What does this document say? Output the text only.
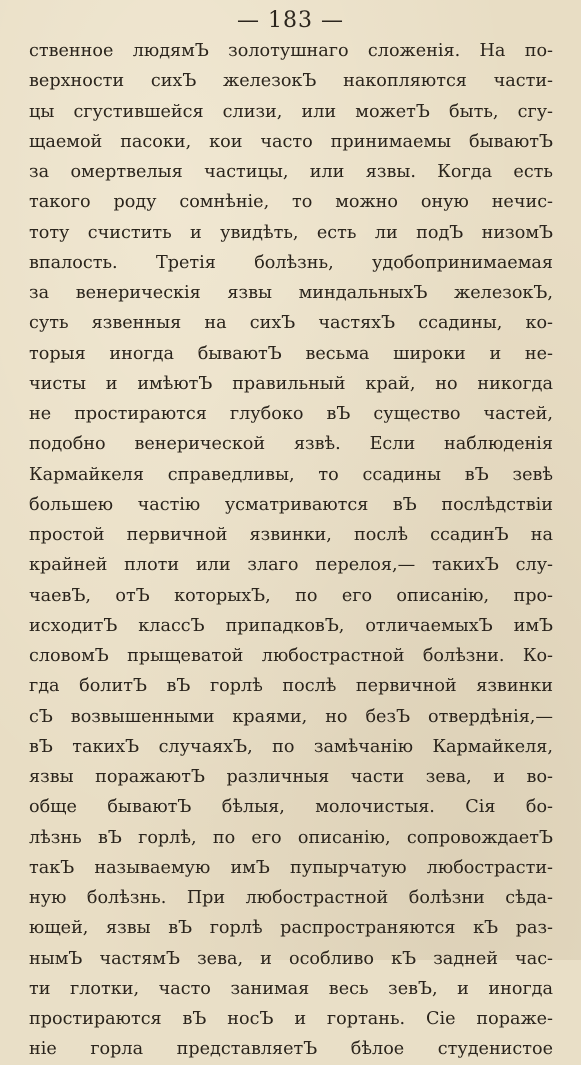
— 183 —
ственное людямЪ золотушнаго сложенія. На по-
верхности сихЪ железокЪ накопляются части-
цы сгустившейся слизи, или можетЪ быть, сгу-
щаемой пасоки, кои часто принимаемы бываютЪ
за омертвелыя частицы, или язвы. Когда есть
такого роду сомнѣніе, то можно оную нечис-
тоту счистить и увидѣть, есть ли подЪ низомЪ
впалость. Третія болѣзнь, удобопринимаемая
за венерическія язвы миндальныхЪ железокЪ,
суть язвенныя на сихЪ частяхЪ ссадины, ко-
торыя иногда бываютЪ весьма широки и не-
чисты и имѣютЪ правильный край, но никогда
не простираются глубоко вЪ существо частей,
подобно венерической язвѣ. Если наблюденія
Кармайкеля справедливы, то ссадины вЪ зевѣ
большею частію усматриваются вЪ послѣдствіи
простой первичной язвинки, послѣ ссадинЪ на
крайней плоти или злаго перелоя,— такихЪ слу-
чаевЪ, отЪ которыхЪ, по его описанію, про-
исходитЪ классЪ припадковЪ, отличаемыхЪ имЪ
словомЪ прыщеватой любострастной болѣзни. Ко-
гда болитЪ вЪ горлѣ послѣ первичной язвинки
сЪ возвышенными краями, но безЪ отвердѣнія,—
вЪ такихЪ случаяхЪ, по замѣчанію Кармайкеля,
язвы поражаютЪ различныя части зева, и во-
обще бываютЪ бѣлыя, молочистыя. Сія бо-
лѣзнь вЪ горлѣ, по его описанію, сопровождаетЪ
такЪ называемую имЪ пупырчатую любострасти-
ную болѣзнь. При любострастной болѣзни сѣда-
ющей, язвы вЪ горлѣ распространяются кЪ раз-
нымЪ частямЪ зева, и особливо кЪ задней час-
ти глотки, часто занимая весь зевЪ, и иногда
простираются вЪ носЪ и гортань. Сіе пораже-
ніе горла представляетЪ бѣлое студенистое
